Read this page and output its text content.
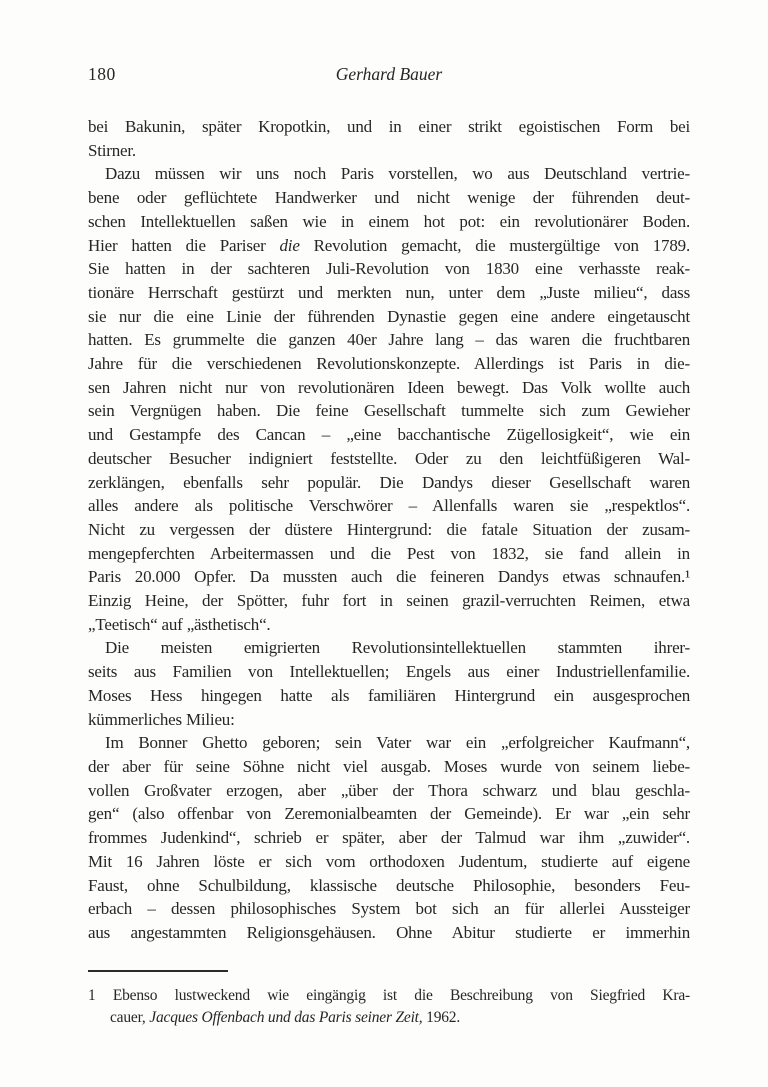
180	Gerhard Bauer
bei Bakunin, später Kropotkin, und in einer strikt egoistischen Form bei
Stirner.
Dazu müssen wir uns noch Paris vorstellen, wo aus Deutschland vertrie-
bene oder geflüchtete Handwerker und nicht wenige der führenden deut-
schen Intellektuellen saßen wie in einem hot pot: ein revolutionärer Boden.
Hier hatten die Pariser die Revolution gemacht, die mustergültige von 1789.
Sie hatten in der sachteren Juli-Revolution von 1830 eine verhasste reak-
tionäre Herrschaft gestürzt und merkten nun, unter dem „Juste milieu“, dass
sie nur die eine Linie der führenden Dynastie gegen eine andere eingetauscht
hatten. Es grummelte die ganzen 40er Jahre lang – das waren die fruchtbaren
Jahre für die verschiedenen Revolutionskonzepte. Allerdings ist Paris in die-
sen Jahren nicht nur von revolutionären Ideen bewegt. Das Volk wollte auch
sein Vergnügen haben. Die feine Gesellschaft tummelte sich zum Gewieher
und Gestampfe des Cancan – „eine bacchantische Zügellosigkeit“, wie ein
deutscher Besucher indigniert feststellte. Oder zu den leichtfüßigeren Wal-
zerklängen, ebenfalls sehr populär. Die Dandys dieser Gesellschaft waren
alles andere als politische Verschwörer – Allenfalls waren sie „respektlos“.
Nicht zu vergessen der düstere Hintergrund: die fatale Situation der zusam-
mengepferchten Arbeitermassen und die Pest von 1832, sie fand allein in
Paris 20.000 Opfer. Da mussten auch die feineren Dandys etwas schnaufen.¹
Einzig Heine, der Spötter, fuhr fort in seinen grazil-verruchten Reimen, etwa
„Teetisch“ auf „ästhetisch“.
Die meisten emigrierten Revolutionsintellektuellen stammten ihrer-
seits aus Familien von Intellektuellen; Engels aus einer Industriellenfamilie.
Moses Hess hingegen hatte als familiären Hintergrund ein ausgesprochen
kümmerliches Milieu:
Im Bonner Ghetto geboren; sein Vater war ein „erfolgreicher Kaufmann“,
der aber für seine Söhne nicht viel ausgab. Moses wurde von seinem liebe-
vollen Großvater erzogen, aber „über der Thora schwarz und blau geschla-
gen“ (also offenbar von Zeremonialbeamten der Gemeinde). Er war „ein sehr
frommes Judenkind“, schrieb er später, aber der Talmud war ihm „zuwider“.
Mit 16 Jahren löste er sich vom orthodoxen Judentum, studierte auf eigene
Faust, ohne Schulbildung, klassische deutsche Philosophie, besonders Feu-
erbach – dessen philosophisches System bot sich an für allerlei Aussteiger
aus angestammten Religionsgehäusen. Ohne Abitur studierte er immerhin
1 Ebenso lustweckend wie eingängig ist die Beschreibung von Siegfried Kra-
cauer, Jacques Offenbach und das Paris seiner Zeit, 1962.
